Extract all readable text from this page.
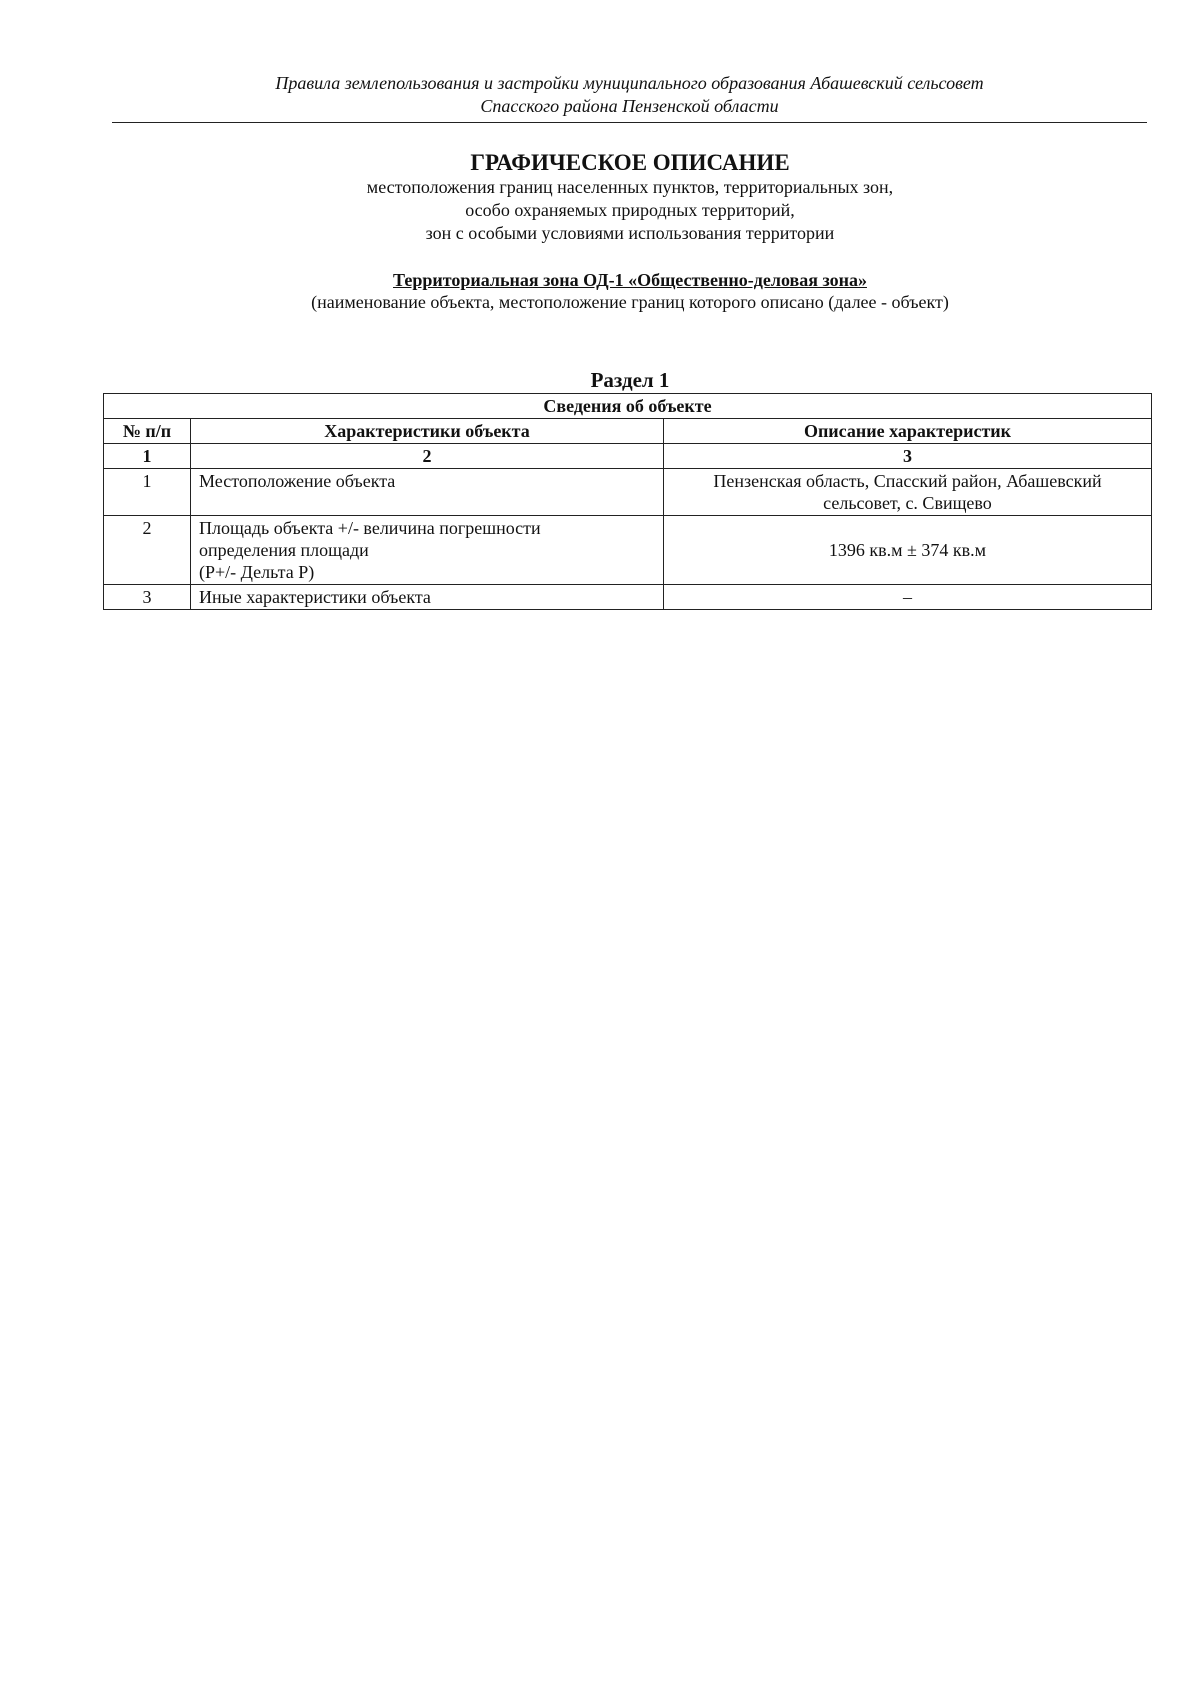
Правила землепользования и застройки муниципального образования Абашевский сельсовет
Спасского района Пензенской области
ГРАФИЧЕСКОЕ ОПИСАНИЕ
местоположения границ населенных пунктов, территориальных зон,
особо охраняемых природных территорий,
зон с особыми условиями использования территории
Территориальная зона ОД-1 «Общественно-деловая зона»
(наименование объекта, местоположение границ которого описано (далее - объект)
Раздел 1
Сведения об объекте		
№ п/п	Характеристики объекта	Описание характеристик
1	2	3
1	Местоположение объекта	Пензенская область, Спасский район, Абашевский
сельсовет, с. Свищево

2	Площадь объекта +/- величина погрешности
определения площади
(Р+/- Дельта Р)	1396 кв.м ± 374 кв.м

3	Иные характеристики объекта	–
